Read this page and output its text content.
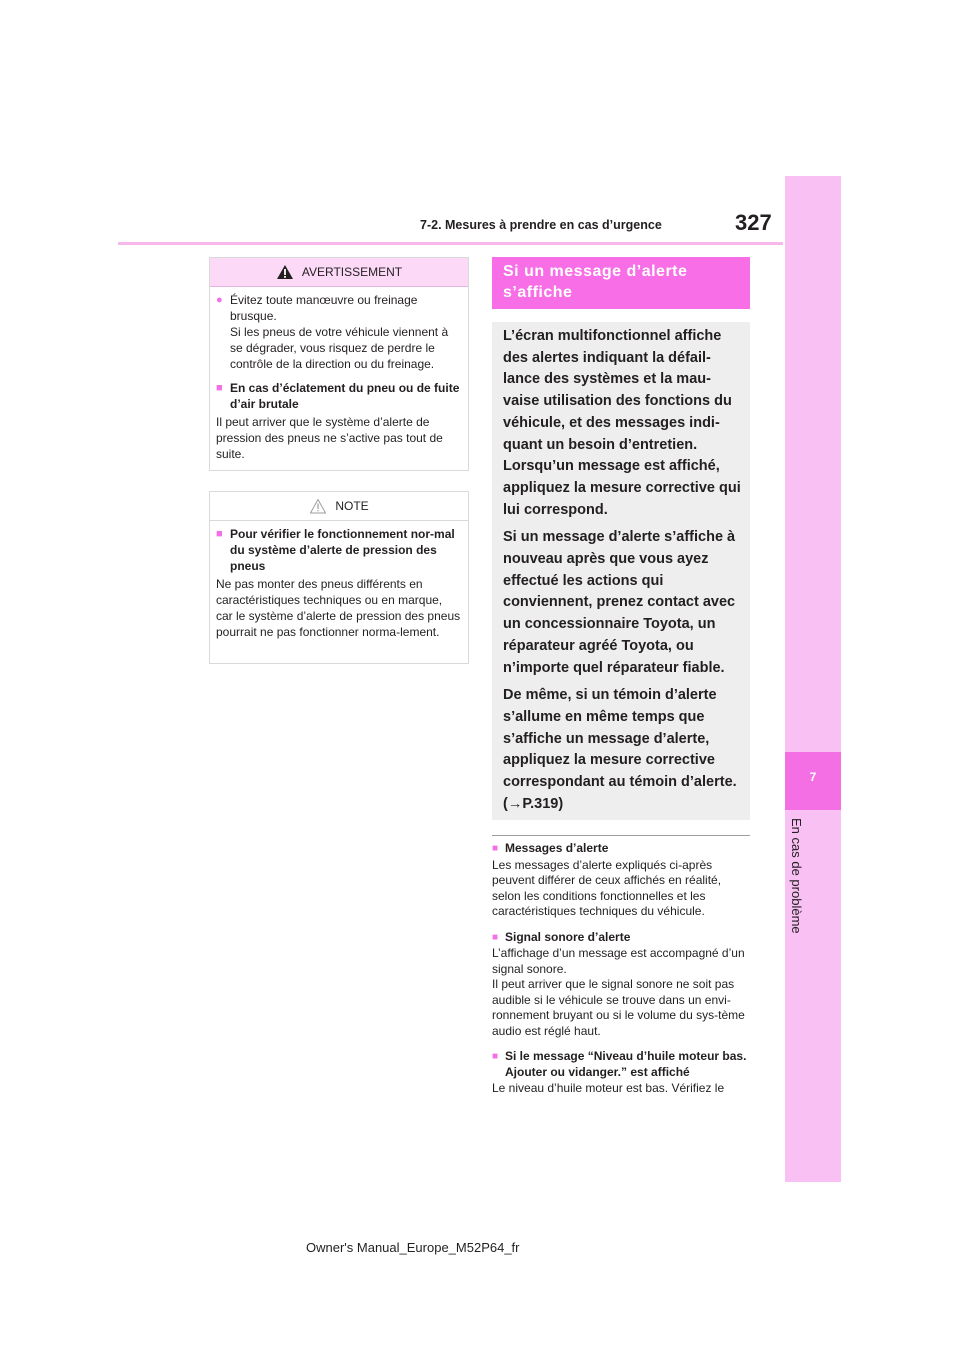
7-2. Mesures à prendre en cas d’urgence	327
7
En cas de problème
AVERTISSEMENT
● Évitez toute manœuvre ou freinage brusque.
Si les pneus de votre véhicule viennent à se dégrader, vous risquez de perdre le contrôle de la direction ou du freinage.
■ En cas d’éclatement du pneu ou de fuite d’air brutale
Il peut arriver que le système d’alerte de pression des pneus ne s’active pas tout de suite.
NOTE
■ Pour vérifier le fonctionnement nor-mal du système d’alerte de pression des pneus
Ne pas monter des pneus différents en caractéristiques techniques ou en marque, car le système d’alerte de pression des pneus pourrait ne pas fonctionner norma-lement.
Si un message d’alerte s’affiche

L’écran multifonctionnel affiche des alertes indiquant la défail-lance des systèmes et la mau-vaise utilisation des fonctions du véhicule, et des messages indi-quant un besoin d’entretien. Lorsqu’un message est affiché, appliquez la mesure corrective qui lui correspond.

Si un message d’alerte s’affiche à nouveau après que vous ayez effectué les actions qui conviennent, prenez contact avec un concessionnaire Toyota, un réparateur agréé Toyota, ou n’importe quel réparateur fiable.

De même, si un témoin d’alerte s’allume en même temps que s’affiche un message d’alerte, appliquez la mesure corrective correspondant au témoin d’alerte. (→P.319)

■ Messages d’alerte
Les messages d’alerte expliqués ci-après peuvent différer de ceux affichés en réalité, selon les conditions fonctionnelles et les caractéristiques techniques du véhicule.

■ Signal sonore d’alerte
L’affichage d’un message est accompagné d’un signal sonore.
Il peut arriver que le signal sonore ne soit pas audible si le véhicule se trouve dans un envi-ronnement bruyant ou si le volume du sys-tème audio est réglé haut.

■ Si le message “Niveau d’huile moteur bas. Ajouter ou vidanger.” est affiché
Le niveau d’huile moteur est bas. Vérifiez le

Owner's Manual_Europe_M52P64_fr
